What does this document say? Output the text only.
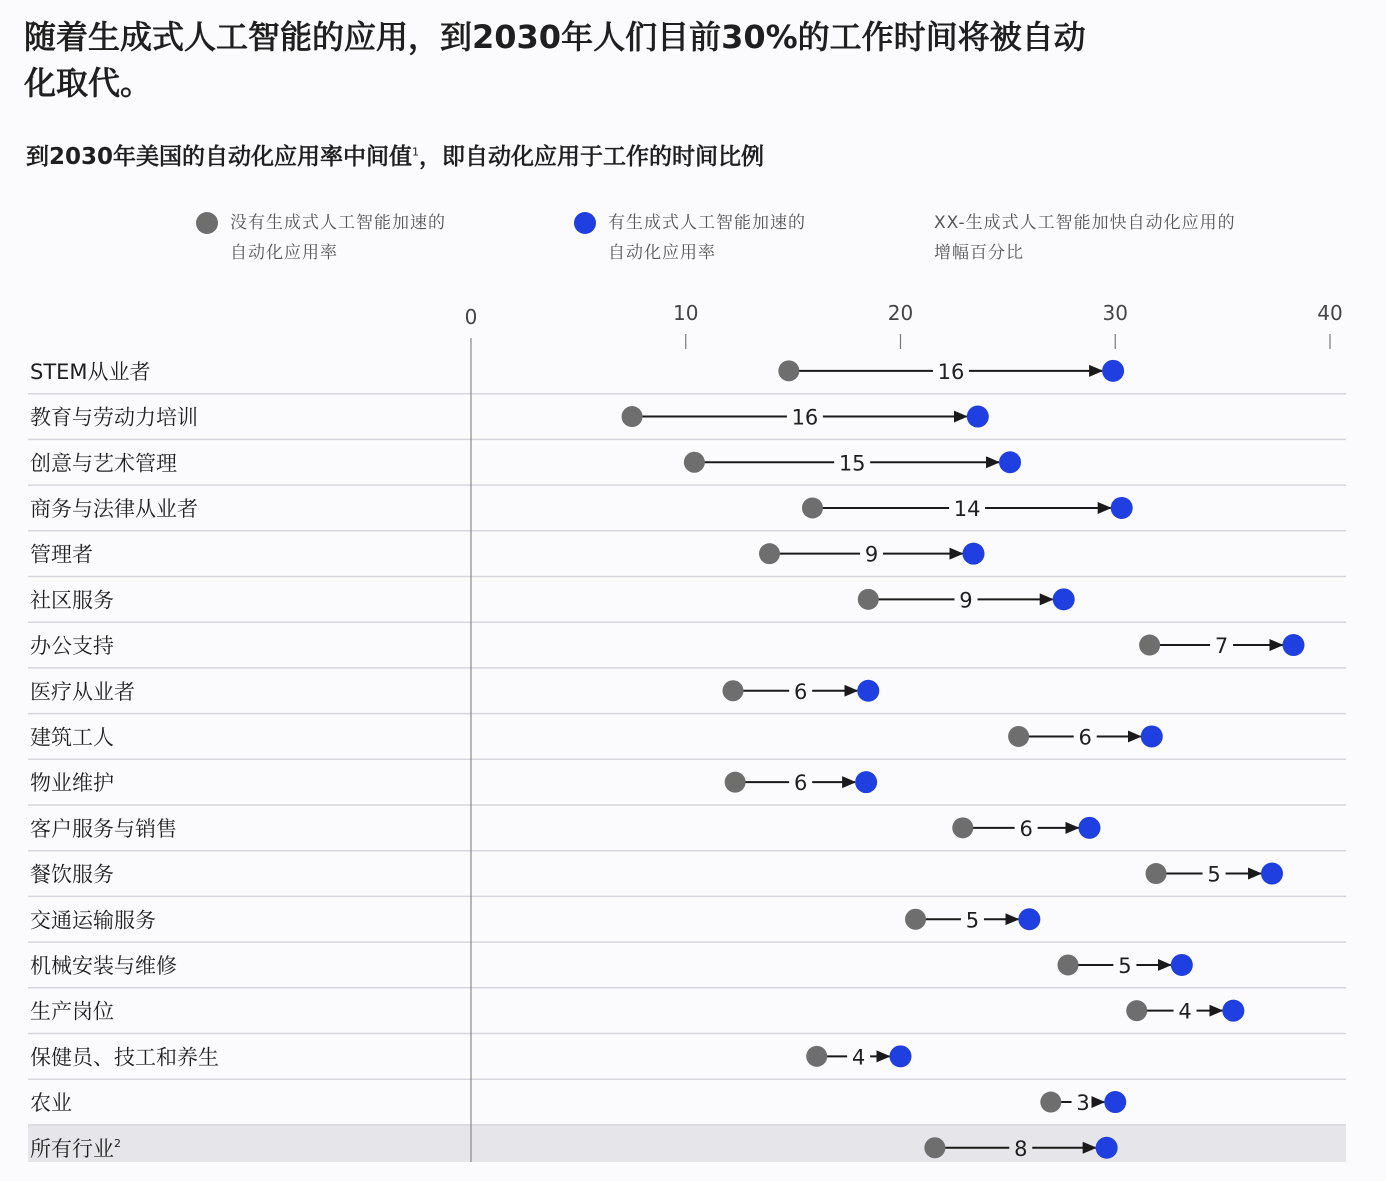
随着生成式人工智能的应用，到2030年人们目前30%的工作时间将被自动化取代。
到2030年美国的自动化应用率中间值$^1$，即自动化应用于工作的时间比例
没有生成式人工智能加速的
自动化应用率
有生成式人工智能加速的
自动化应用率
XX-生成式人工智能加快自动化应用的
增幅百分比
0	10	20	30	40
STEM从业者	16
教育与劳动力培训	16
创意与艺术管理	15
商务与法律从业者	14
管理者	9
社区服务	9
办公支持	7
医疗从业者	6
建筑工人	6
物业维护	6
客户服务与销售	6
餐饮服务	5
交通运输服务	5
机械安装与维修	5
生产岗位	4
保健员、技工和养生	4
农业	3
所有行业$^2$	8
